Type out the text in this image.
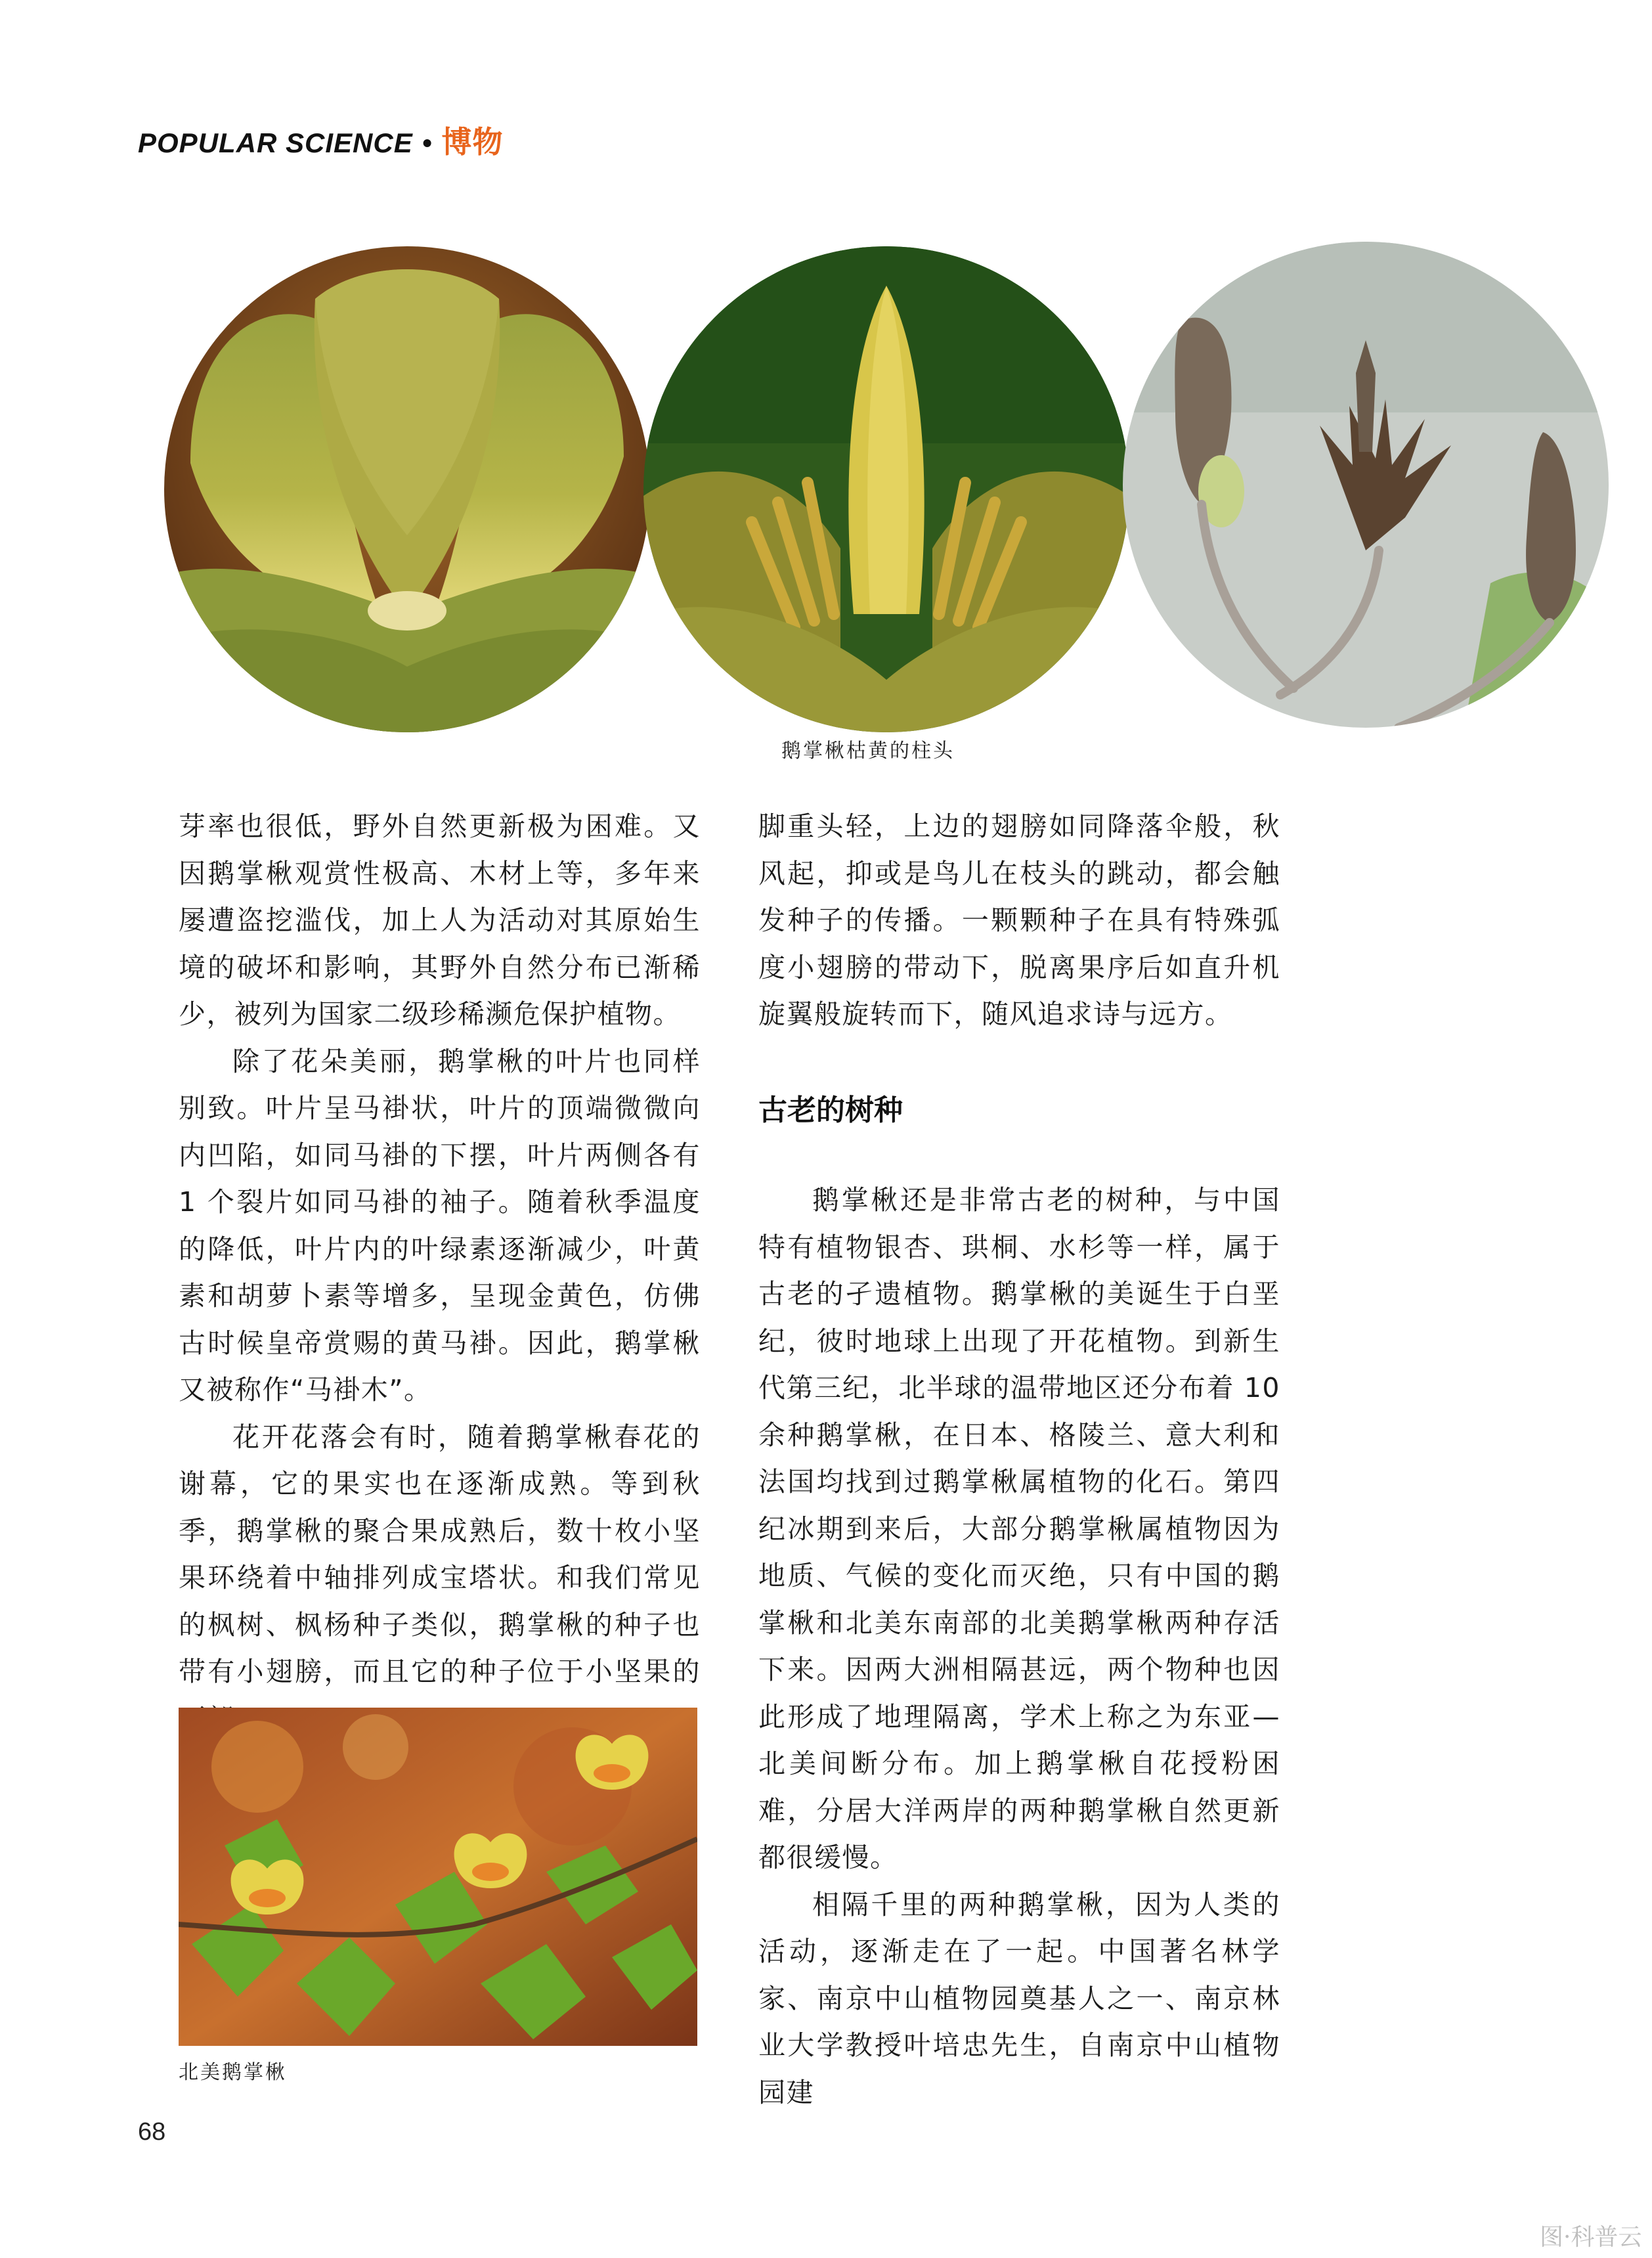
POPULAR SCIENCE • 博物
鹅掌楸枯黄的柱头

芽率也很低，野外自然更新极为困难。又因鹅掌楸观赏性极高、木材上等，多年来屡遭盗挖滥伐，加上人为活动对其原始生境的破坏和影响，其野外自然分布已渐稀少，被列为国家二级珍稀濒危保护植物。

除了花朵美丽，鹅掌楸的叶片也同样别致。叶片呈马褂状，叶片的顶端微微向内凹陷，如同马褂的下摆，叶片两侧各有 1 个裂片如同马褂的袖子。随着秋季温度的降低，叶片内的叶绿素逐渐减少，叶黄素和胡萝卜素等增多，呈现金黄色，仿佛古时候皇帝赏赐的黄马褂。因此，鹅掌楸又被称作“马褂木”。

花开花落会有时，随着鹅掌楸春花的谢幕，它的果实也在逐渐成熟。等到秋季，鹅掌楸的聚合果成熟后，数十枚小坚果环绕着中轴排列成宝塔状。和我们常见的枫树、枫杨种子类似，鹅掌楸的种子也带有小翅膀，而且它的种子位于小坚果的

脚重头轻，上边的翅膀如同降落伞般，秋风起，抑或是鸟儿在枝头的跳动，都会触发种子的传播。一颗颗种子在具有特殊弧度小翅膀的带动下，脱离果序后如直升机旋翼般旋转而下，随风追求诗与远方。

古老的树种

鹅掌楸还是非常古老的树种，与中国特有植物银杏、珙桐、水杉等一样，属于古老的孑遗植物。鹅掌楸的美诞生于白垩纪，彼时地球上出现了开花植物。到新生代第三纪，北半球的温带地区还分布着 10 余种鹅掌楸，在日本、格陵兰、意大利和法国均找到过鹅掌楸属植物的化石。第四纪冰期到来后，大部分鹅掌楸属植物因为地质、气候的变化而灭绝，只有中国的鹅掌楸和北美东南部的北美鹅掌楸两种存活下来。因两大洲相隔甚远，两个物种也因此形成了地理隔离，学术上称之为东亚—北美间断分布。加上鹅掌楸自花授粉困难，分居大洋两岸的两种鹅掌楸自然更新都很缓慢。

相隔千里的两种鹅掌楸，因为人类的活动，逐渐走在了一起。中国著名林学家、南京中山植物园奠基人之一、南京林业大学教授叶培忠先生，自南京中山植物园建

北美鹅掌楸
68
图·科普云
